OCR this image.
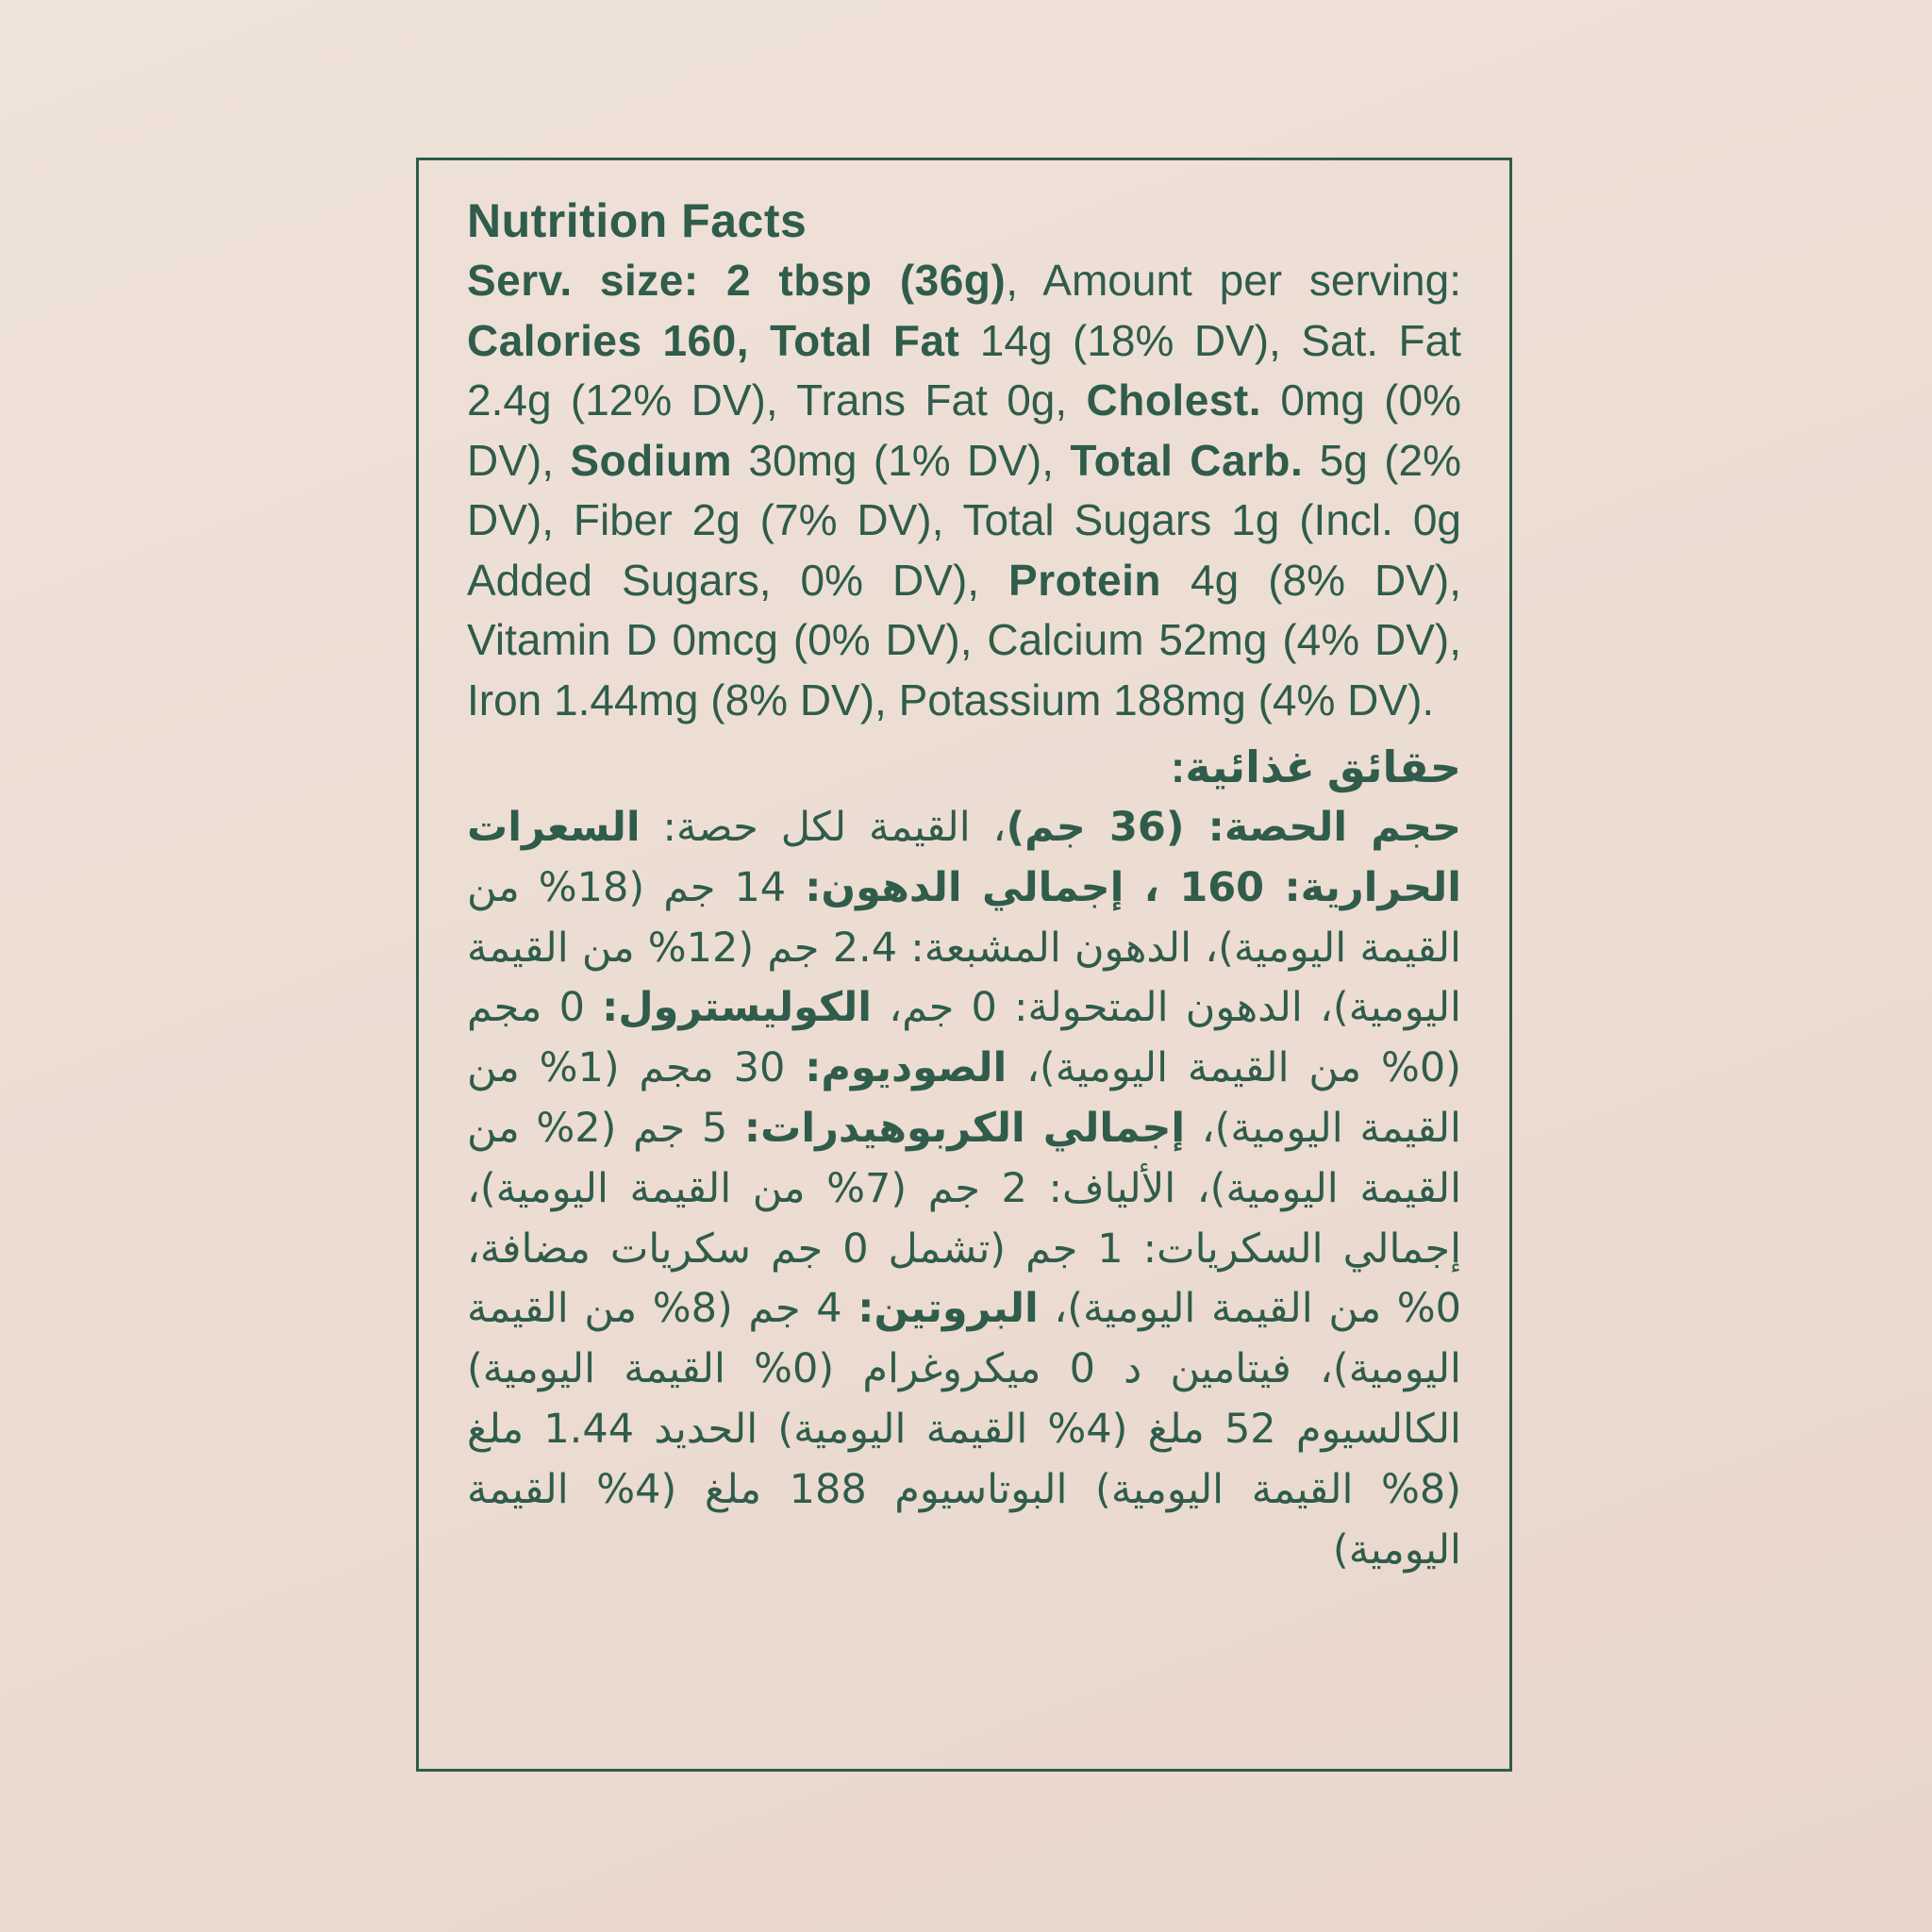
Nutrition Facts

Serv. size: 2 tbsp (36g), Amount per serving: Calories 160, Total Fat 14g (18% DV), Sat. Fat 2.4g (12% DV), Trans Fat 0g, Cholest. 0mg (0% DV), Sodium 30mg (1% DV), Total Carb. 5g (2% DV), Fiber 2g (7% DV), Total Sugars 1g (Incl. 0g Added Sugars, 0% DV), Protein 4g (8% DV), Vitamin D 0mcg (0% DV), Calcium 52mg (4% DV), Iron 1.44mg (8% DV), Potassium 188mg (4% DV).

حقائق غذائية:

حجم الحصة: (36 جم)، القيمة لكل حصة: السعرات الحرارية: 160 ، إجمالي الدهون: 14 جم (18% من القيمة اليومية)، الدهون المشبعة: 2.4 جم (12% من القيمة اليومية)، الدهون المتحولة: 0 جم، الكوليسترول: 0 مجم (0% من القيمة اليومية)، الصوديوم: 30 مجم (1% من القيمة اليومية)، إجمالي الكربوهيدرات: 5 جم (2% من القيمة اليومية)، الألياف: 2 جم (7% من القيمة اليومية)، إجمالي السكريات: 1 جم (تشمل 0 جم سكريات مضافة، 0% من القيمة اليومية)، البروتين: 4 جم (8% من القيمة اليومية)، فيتامين د 0 ميكروغرام (0% القيمة اليومية) الكالسيوم 52 ملغ (4% القيمة اليومية) الحديد 1.44 ملغ (8% القيمة اليومية) البوتاسيوم 188 ملغ (4% القيمة اليومية)
